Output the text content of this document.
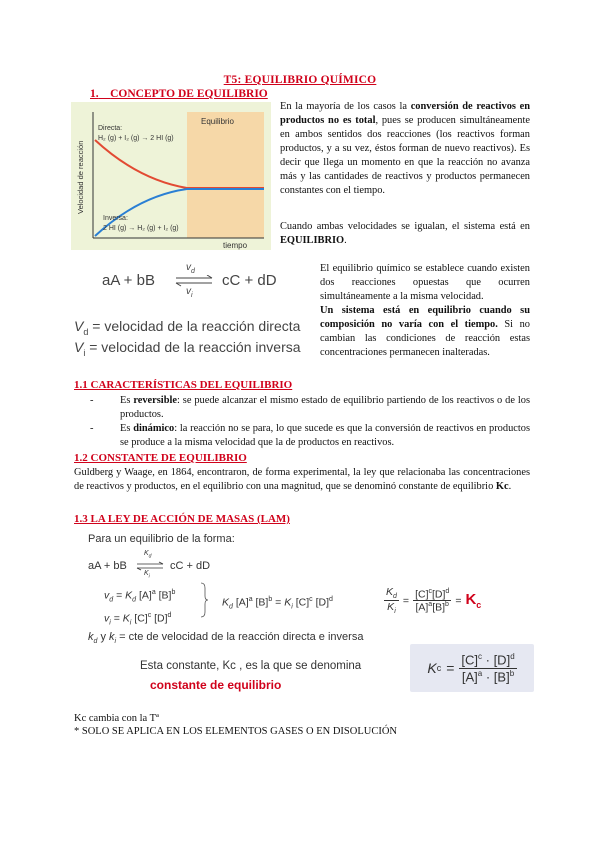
T5: EQUILIBRIO QUÍMICO
1. CONCEPTO DE EQUILIBRIO
Velocidad de reacción
Equilibrio
Directa:
H₂ (g) + I₂ (g) → 2 HI (g)
Inversa:
2 HI (g) → H₂ (g) + I₂ (g)
tiempo
En la mayoría de los casos la conversión de reactivos en productos no es total, pues se producen simultáneamente en ambos sentidos dos reacciones (los reactivos forman productos, y a su vez, éstos forman de nuevo reactivos). Es decir que llega un momento en que la reacción no avanza más y las cantidades de reactivos y productos permanecen constantes con el tiempo.
Cuando ambas velocidades se igualan, el sistema está en EQUILIBRIO.
aA + bB
$v_d$
$v_i$
cC + dD
$V_d$ = velocidad de la reacción directa
$V_i$ = velocidad de la reacción inversa
El equilibrio químico se establece cuando existen dos reacciones opuestas que ocurren simultáneamente a la misma velocidad.
Un sistema está en equilibrio cuando su composición no varía con el tiempo. Si no cambian las condiciones de reacción estas concentraciones permanecen inalteradas.
1.1 CARACTERÍSTICAS DEL EQUILIBRIO
- Es reversible: se puede alcanzar el mismo estado de equilibrio partiendo de los reactivos o de los productos.
- Es dinámico: la reacción no se para, lo que sucede es que la conversión de reactivos en productos se produce a la misma velocidad que la de productos en reactivos.
1.2 CONSTANTE DE EQUILIBRIO
Guldberg y Waage, en 1864, encontraron, de forma experimental, la ley que relacionaba las concentraciones de reactivos y productos, en el equilibrio con una magnitud, que se denominó constante de equilibrio Kc.
1.3 LA LEY DE ACCIÓN DE MASAS (LAM)
Para un equilibrio de la forma:
aA + bB
$K_d$
$K_i$
cC + dD
$v_d = K_d$ $[A]^a$ $[B]^b$
$v_i = K_i$ $[C]^c$ $[D]^d$
$K_d$ $[A]^a$ $[B]^b = K_i$ $[C]^c$ $[D]^d$	$\frac{K_d}{K_i} = \frac{[C]^c[D]^d}{[A]^a[B]^b} = K_c$
$k_d$ y $k_i$ = cte de velocidad de la reacción directa e inversa
Esta constante, Kc , es la que se denomina
constante de equilibrio
K $c = \frac{[C]^c \cdot [D]^d}{[A]^a \cdot [B]^b}$
Kc cambia con la Tª
* SOLO SE APLICA EN LOS ELEMENTOS GASES O EN DISOLUCIÓN
